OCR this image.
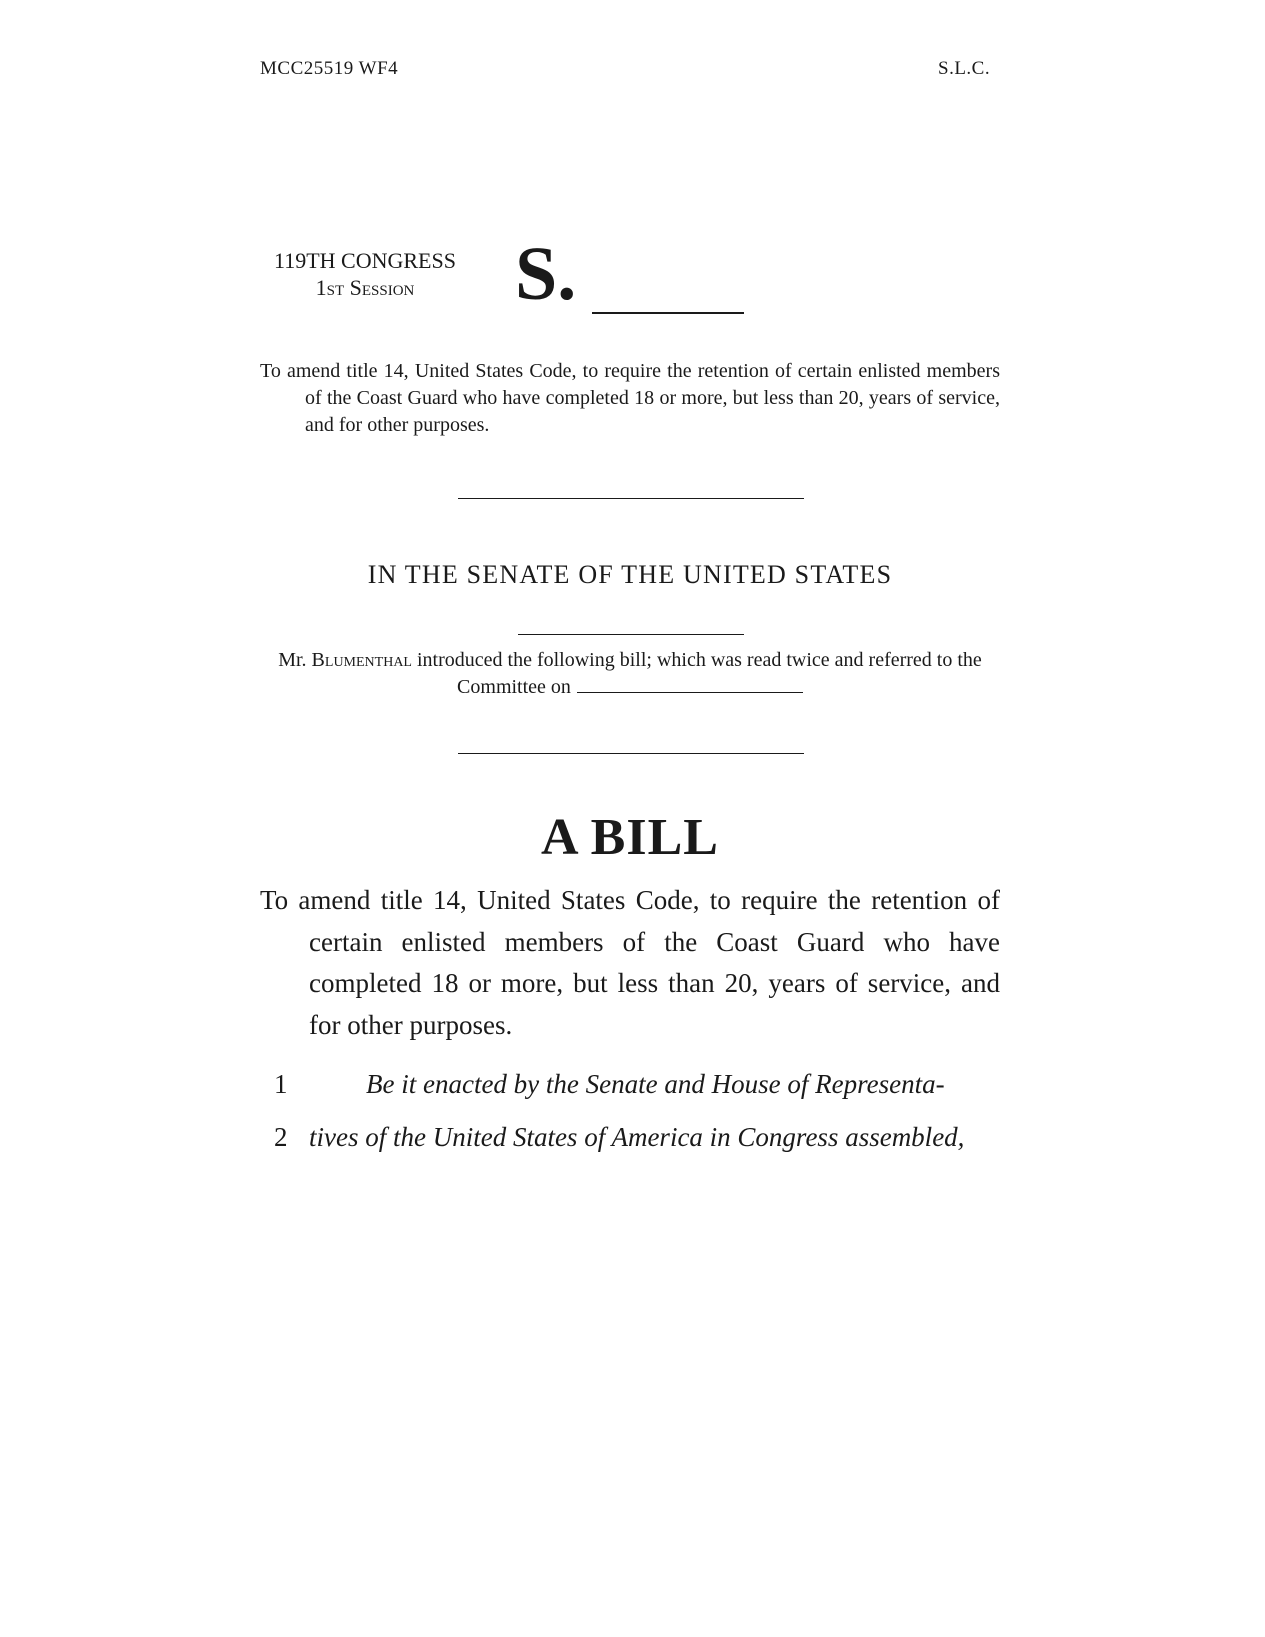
MCC25519 WF4	S.L.C.
119TH CONGRESS
1st Session	S.
To amend title 14, United States Code, to require the retention of certain enlisted members of the Coast Guard who have completed 18 or more, but less than 20, years of service, and for other purposes.
IN THE SENATE OF THE UNITED STATES
Mr. Blumenthal introduced the following bill; which was read twice and referred to the Committee on
A BILL
To amend title 14, United States Code, to require the retention of certain enlisted members of the Coast Guard who have completed 18 or more, but less than 20, years of service, and for other purposes.
1	Be it enacted by the Senate and House of Representa-
2 tives of the United States of America in Congress assembled,
